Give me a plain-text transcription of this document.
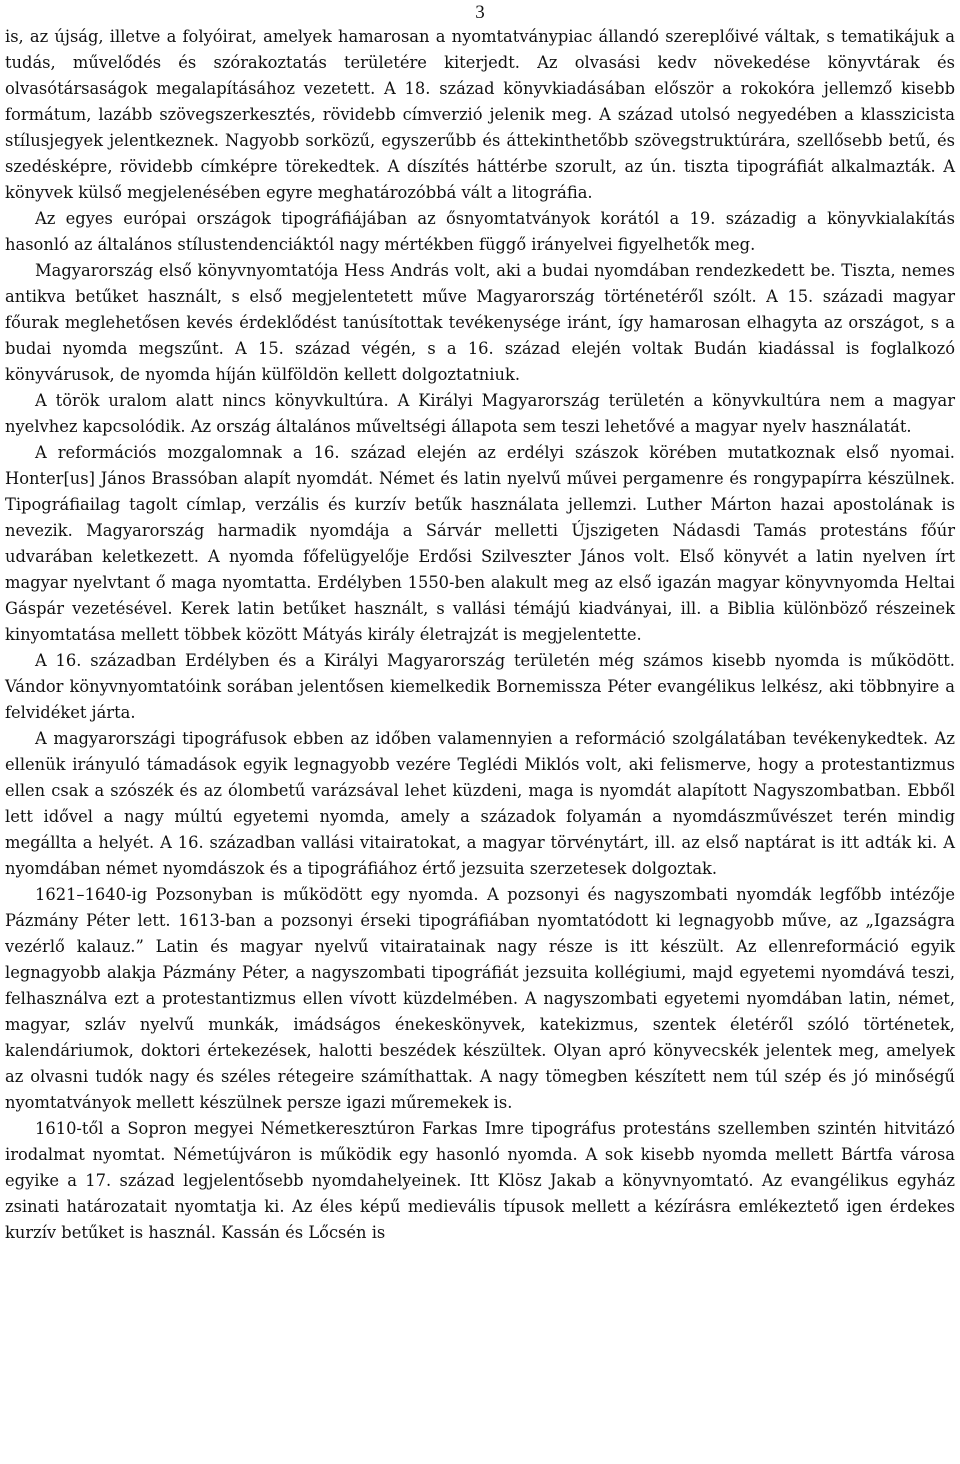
3

is, az újság, illetve a folyóirat, amelyek hamarosan a nyomtatványpiac állandó szereplőivé váltak, s tematikájuk a tudás, művelődés és szórakoztatás területére kiterjedt. Az olvasási kedv növekedése könyvtárak és olvasótársaságok megalapításához vezetett. A 18. század könyvkiadásában először a rokokóra jellemző kisebb formátum, lazább szövegszerkesztés, rövidebb címverzió jelenik meg. A század utolsó negyedében a klasszicista stílusjegyek jelentkeznek. Nagyobb sorközű, egyszerűbb és áttekinthetőbb szövegstruktúrára, szellősebb betű, és szedésképre, rövidebb címképre törekedtek. A díszítés háttérbe szorult, az ún. tiszta tipográfiát alkalmazták. A könyvek külső megjelenésében egyre meghatározóbbá vált a litográfia.

Az egyes európai országok tipográfiájában az ősnyomtatványok korától a 19. századig a könyvkialakítás hasonló az általános stílustendenciáktól nagy mértékben függő irányelvei figyelhetők meg.

Magyarország első könyvnyomtatója Hess András volt, aki a budai nyomdában rendezkedett be. Tiszta, nemes antikva betűket használt, s első megjelentetett műve Magyarország történetéről szólt. A 15. századi magyar főurak meglehetősen kevés érdeklődést tanúsítottak tevékenysége iránt, így hamarosan elhagyta az országot, s a budai nyomda megszűnt. A 15. század végén, s a 16. század elején voltak Budán kiadással is foglalkozó könyvárusok, de nyomda híján külföldön kellett dolgoztatniuk.

A török uralom alatt nincs könyvkultúra. A Királyi Magyarország területén a könyvkultúra nem a magyar nyelvhez kapcsolódik. Az ország általános műveltségi állapota sem teszi lehetővé a magyar nyelv használatát.

A reformációs mozgalomnak a 16. század elején az erdélyi szászok körében mutatkoznak első nyomai. Honter[us] János Brassóban alapít nyomdát. Német és latin nyelvű művei pergamenre és rongypapírra készülnek. Tipográfiailag tagolt címlap, verzális és kurzív betűk használata jellemzi. Luther Márton hazai apostolának is nevezik. Magyarország harmadik nyomdája a Sárvár melletti Újszigeten Nádasdi Tamás protestáns főúr udvarában keletkezett. A nyomda főfelügyelője Erdősi Szilveszter János volt. Első könyvét a latin nyelven írt magyar nyelvtant ő maga nyomtatta. Erdélyben 1550-ben alakult meg az első igazán magyar könyvnyomda Heltai Gáspár vezetésével. Kerek latin betűket használt, s vallási témájú kiadványai, ill. a Biblia különböző részeinek kinyomtatása mellett többek között Mátyás király életrajzát is megjelentette.

A 16. században Erdélyben és a Királyi Magyarország területén még számos kisebb nyomda is működött. Vándor könyvnyomtatóink sorában jelentősen kiemelkedik Bornemissza Péter evangélikus lelkész, aki többnyire a felvidéket járta.

A magyarországi tipográfusok ebben az időben valamennyien a reformáció szolgálatában tevékenykedtek. Az ellenük irányuló támadások egyik legnagyobb vezére Teglédi Miklós volt, aki felismerve, hogy a protestantizmus ellen csak a szószék és az ólombetű varázsával lehet küzdeni, maga is nyomdát alapított Nagyszombatban. Ebből lett idővel a nagy múltú egyetemi nyomda, amely a századok folyamán a nyomdászművészet terén mindig megállta a helyét. A 16. században vallási vitairatokat, a magyar törvénytárt, ill. az első naptárat is itt adták ki. A nyomdában német nyomdászok és a tipográfiához értő jezsuita szerzetesek dolgoztak.

1621–1640-ig Pozsonyban is működött egy nyomda. A pozsonyi és nagyszombati nyomdák legfőbb intézője Pázmány Péter lett. 1613-ban a pozsonyi érseki tipográfiában nyomtatódott ki legnagyobb műve, az „Igazságra vezérlő kalauz.” Latin és magyar nyelvű vitairatainak nagy része is itt készült. Az ellenreformáció egyik legnagyobb alakja Pázmány Péter, a nagyszombati tipográfiát jezsuita kollégiumi, majd egyetemi nyomdává teszi, felhasználva ezt a protestantizmus ellen vívott küzdelmében. A nagyszombati egyetemi nyomdában latin, német, magyar, szláv nyelvű munkák, imádságos énekeskönyvek, katekizmus, szentek életéről szóló történetek, kalendáriumok, doktori értekezések, halotti beszédek készültek. Olyan apró könyvecskék jelentek meg, amelyek az olvasni tudók nagy és széles rétegeire számíthattak. A nagy tömegben készített nem túl szép és jó minőségű nyomtatványok mellett készülnek persze igazi műremekek is.

1610-től a Sopron megyei Németkeresztúron Farkas Imre tipográfus protestáns szellemben szintén hitvitázó irodalmat nyomtat. Németújváron is működik egy hasonló nyomda. A sok kisebb nyomda mellett Bártfa városa egyike a 17. század legjelentősebb nyomdahelyeinek. Itt Klösz Jakab a könyvnyomtató. Az evangélikus egyház zsinati határozatait nyomtatja ki. Az éles képű medievális típusok mellett a kézírásra emlékeztető igen érdekes kurzív betűket is használ. Kassán és Lőcsén is
